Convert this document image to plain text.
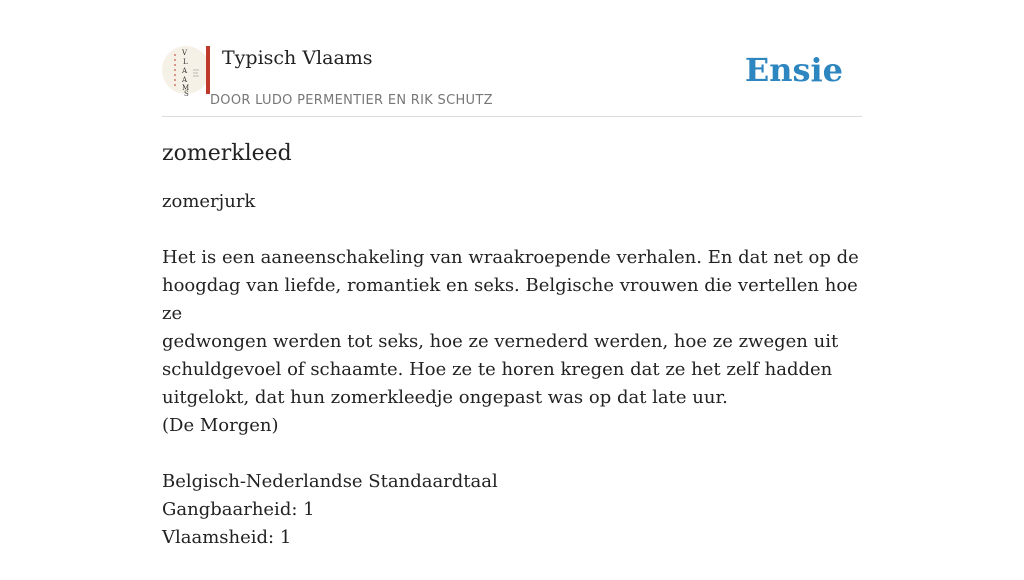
V
L
A
A
M
S
Typisch Vlaams
DOOR LUDO PERMENTIER EN RIK SCHUTZ
Ensie
zomerkleed
zomerjurk
Het is een aaneenschakeling van wraakroepende verhalen. En dat net op de
hoogdag van liefde, romantiek en seks. Belgische vrouwen die vertellen hoe ze
gedwongen werden tot seks, hoe ze vernederd werden, hoe ze zwegen uit
schuldgevoel of schaamte. Hoe ze te horen kregen dat ze het zelf hadden
uitgelokt, dat hun zomerkleedje ongepast was op dat late uur.
(De Morgen)
Belgisch-Nederlandse Standaardtaal
Gangbaarheid: 1
Vlaamsheid: 1
